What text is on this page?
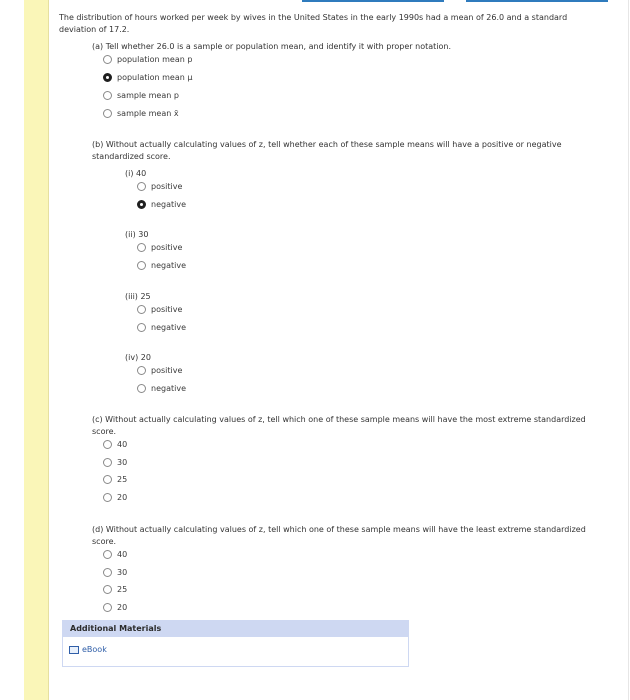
The distribution of hours worked per week by wives in the United States in the early 1990s had a mean of 26.0 and a standard deviation of 17.2.
(a) Tell whether 26.0 is a sample or population mean, and identify it with proper notation.
population mean p
population mean μ
sample mean p
sample mean x̄
(b) Without actually calculating values of z, tell whether each of these sample means will have a positive or negative standardized score.
(i) 40
positive
negative
(ii) 30
positive
negative
(iii) 25
positive
negative
(iv) 20
positive
negative
(c) Without actually calculating values of z, tell which one of these sample means will have the most extreme standardized score.
40
30
25
20
(d) Without actually calculating values of z, tell which one of these sample means will have the least extreme standardized score.
40
30
25
20
Additional Materials
eBook
